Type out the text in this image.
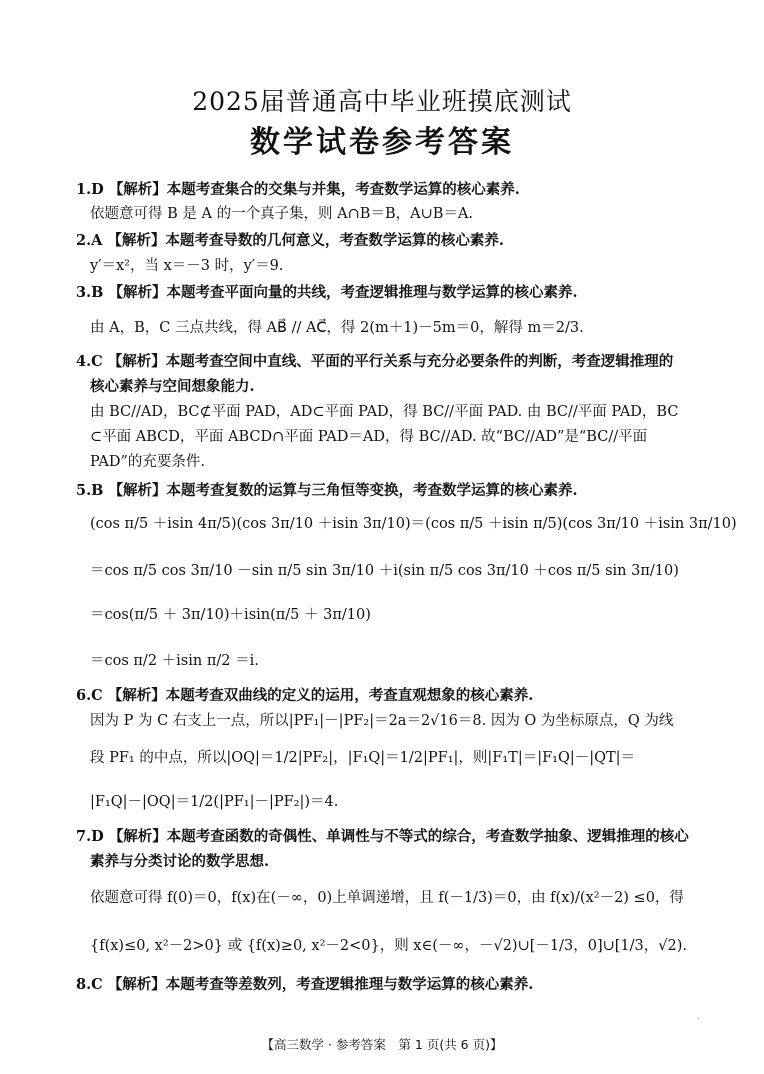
2025届普通高中毕业班摸底测试
数学试卷参考答案
1.D 【解析】本题考查集合的交集与并集，考查数学运算的核心素养.
依题意可得 B 是 A 的一个真子集，则 A∩B＝B，A∪B＝A.
2.A 【解析】本题考查导数的几何意义，考查数学运算的核心素养.
y′＝x²，当 x＝－3 时，y′＝9.
3.B 【解析】本题考查平面向量的共线，考查逻辑推理与数学运算的核心素养.
由 A，B，C 三点共线，得 AB⃗ // AC⃗，得 2(m＋1)－5m＝0，解得 m＝2/3.
4.C 【解析】本题考查空间中直线、平面的平行关系与充分必要条件的判断，考查逻辑推理的
核心素养与空间想象能力.
由 BC//AD，BC⊄平面 PAD，AD⊂平面 PAD，得 BC//平面 PAD. 由 BC//平面 PAD，BC
⊂平面 ABCD，平面 ABCD∩平面 PAD＝AD，得 BC//AD. 故“BC//AD”是“BC//平面
PAD”的充要条件.
5.B 【解析】本题考查复数的运算与三角恒等变换，考查数学运算的核心素养.
(cos π/5 ＋isin 4π/5)(cos 3π/10 ＋isin 3π/10)＝(cos π/5 ＋isin π/5)(cos 3π/10 ＋isin 3π/10)
＝cos π/5 cos 3π/10 －sin π/5 sin 3π/10 ＋i(sin π/5 cos 3π/10 ＋cos π/5 sin 3π/10)
＝cos(π/5 ＋ 3π/10)＋isin(π/5 ＋ 3π/10)
＝cos π/2 ＋isin π/2 ＝i.
6.C 【解析】本题考查双曲线的定义的运用，考查直观想象的核心素养.
因为 P 为 C 右支上一点，所以|PF₁|－|PF₂|＝2a＝2√16＝8. 因为 O 为坐标原点，Q 为线
段 PF₁ 的中点，所以|OQ|＝1/2|PF₂|，|F₁Q|＝1/2|PF₁|，则|F₁T|＝|F₁Q|－|QT|＝
|F₁Q|－|OQ|＝1/2(|PF₁|－|PF₂|)＝4.
7.D 【解析】本题考查函数的奇偶性、单调性与不等式的综合，考查数学抽象、逻辑推理的核心
素养与分类讨论的数学思想.
依题意可得 f(0)＝0，f(x)在(－∞，0)上单调递增，且 f(－1/3)＝0，由 f(x)/(x²－2) ≤0，得
{f(x)≤0, x²－2>0} 或 {f(x)≥0, x²－2<0}，则 x∈(－∞，－√2)∪[－1/3，0]∪[1/3，√2).
8.C 【解析】本题考查等差数列，考查逻辑推理与数学运算的核心素养.
·
【高三数学 · 参考答案　第 1 页(共 6 页)】
